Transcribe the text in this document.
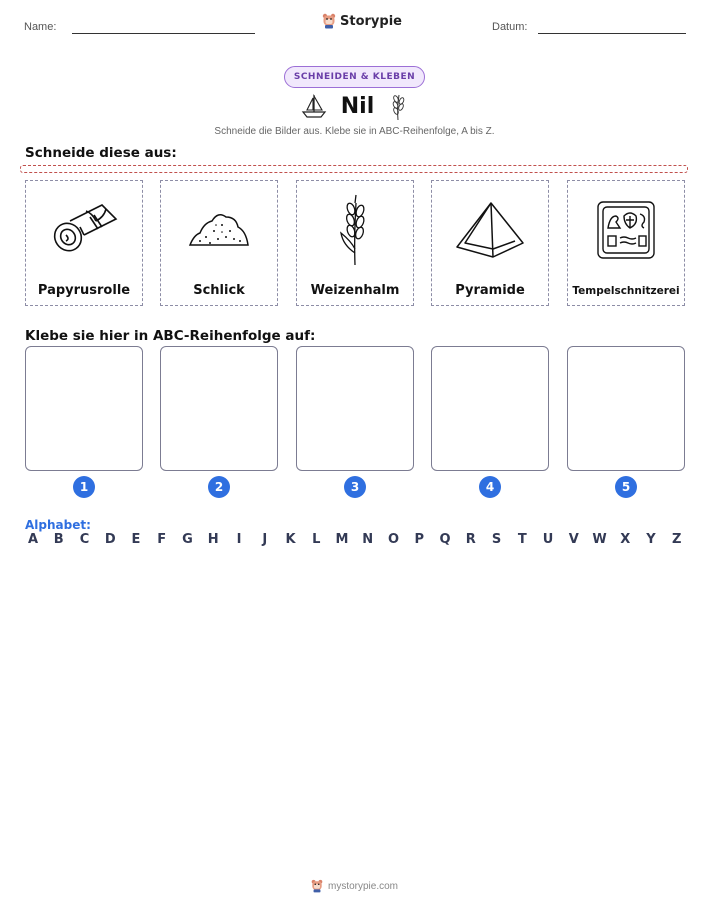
Name:	Storypie	Datum:
SCHNEIDEN & KLEBEN
Nil
Schneide die Bilder aus. Klebe sie in ABC-Reihenfolge, A bis Z.
Schneide diese aus:
Papyrusrolle	Schlick	Weizenhalm	Pyramide	Tempelschnitzerei
Klebe sie hier in ABC-Reihenfolge auf:
1	2	3	4	5
Alphabet:
A B C D E F G H	I	J	K L M N O P Q R S T U V W X Y Z
mystorypie.com
